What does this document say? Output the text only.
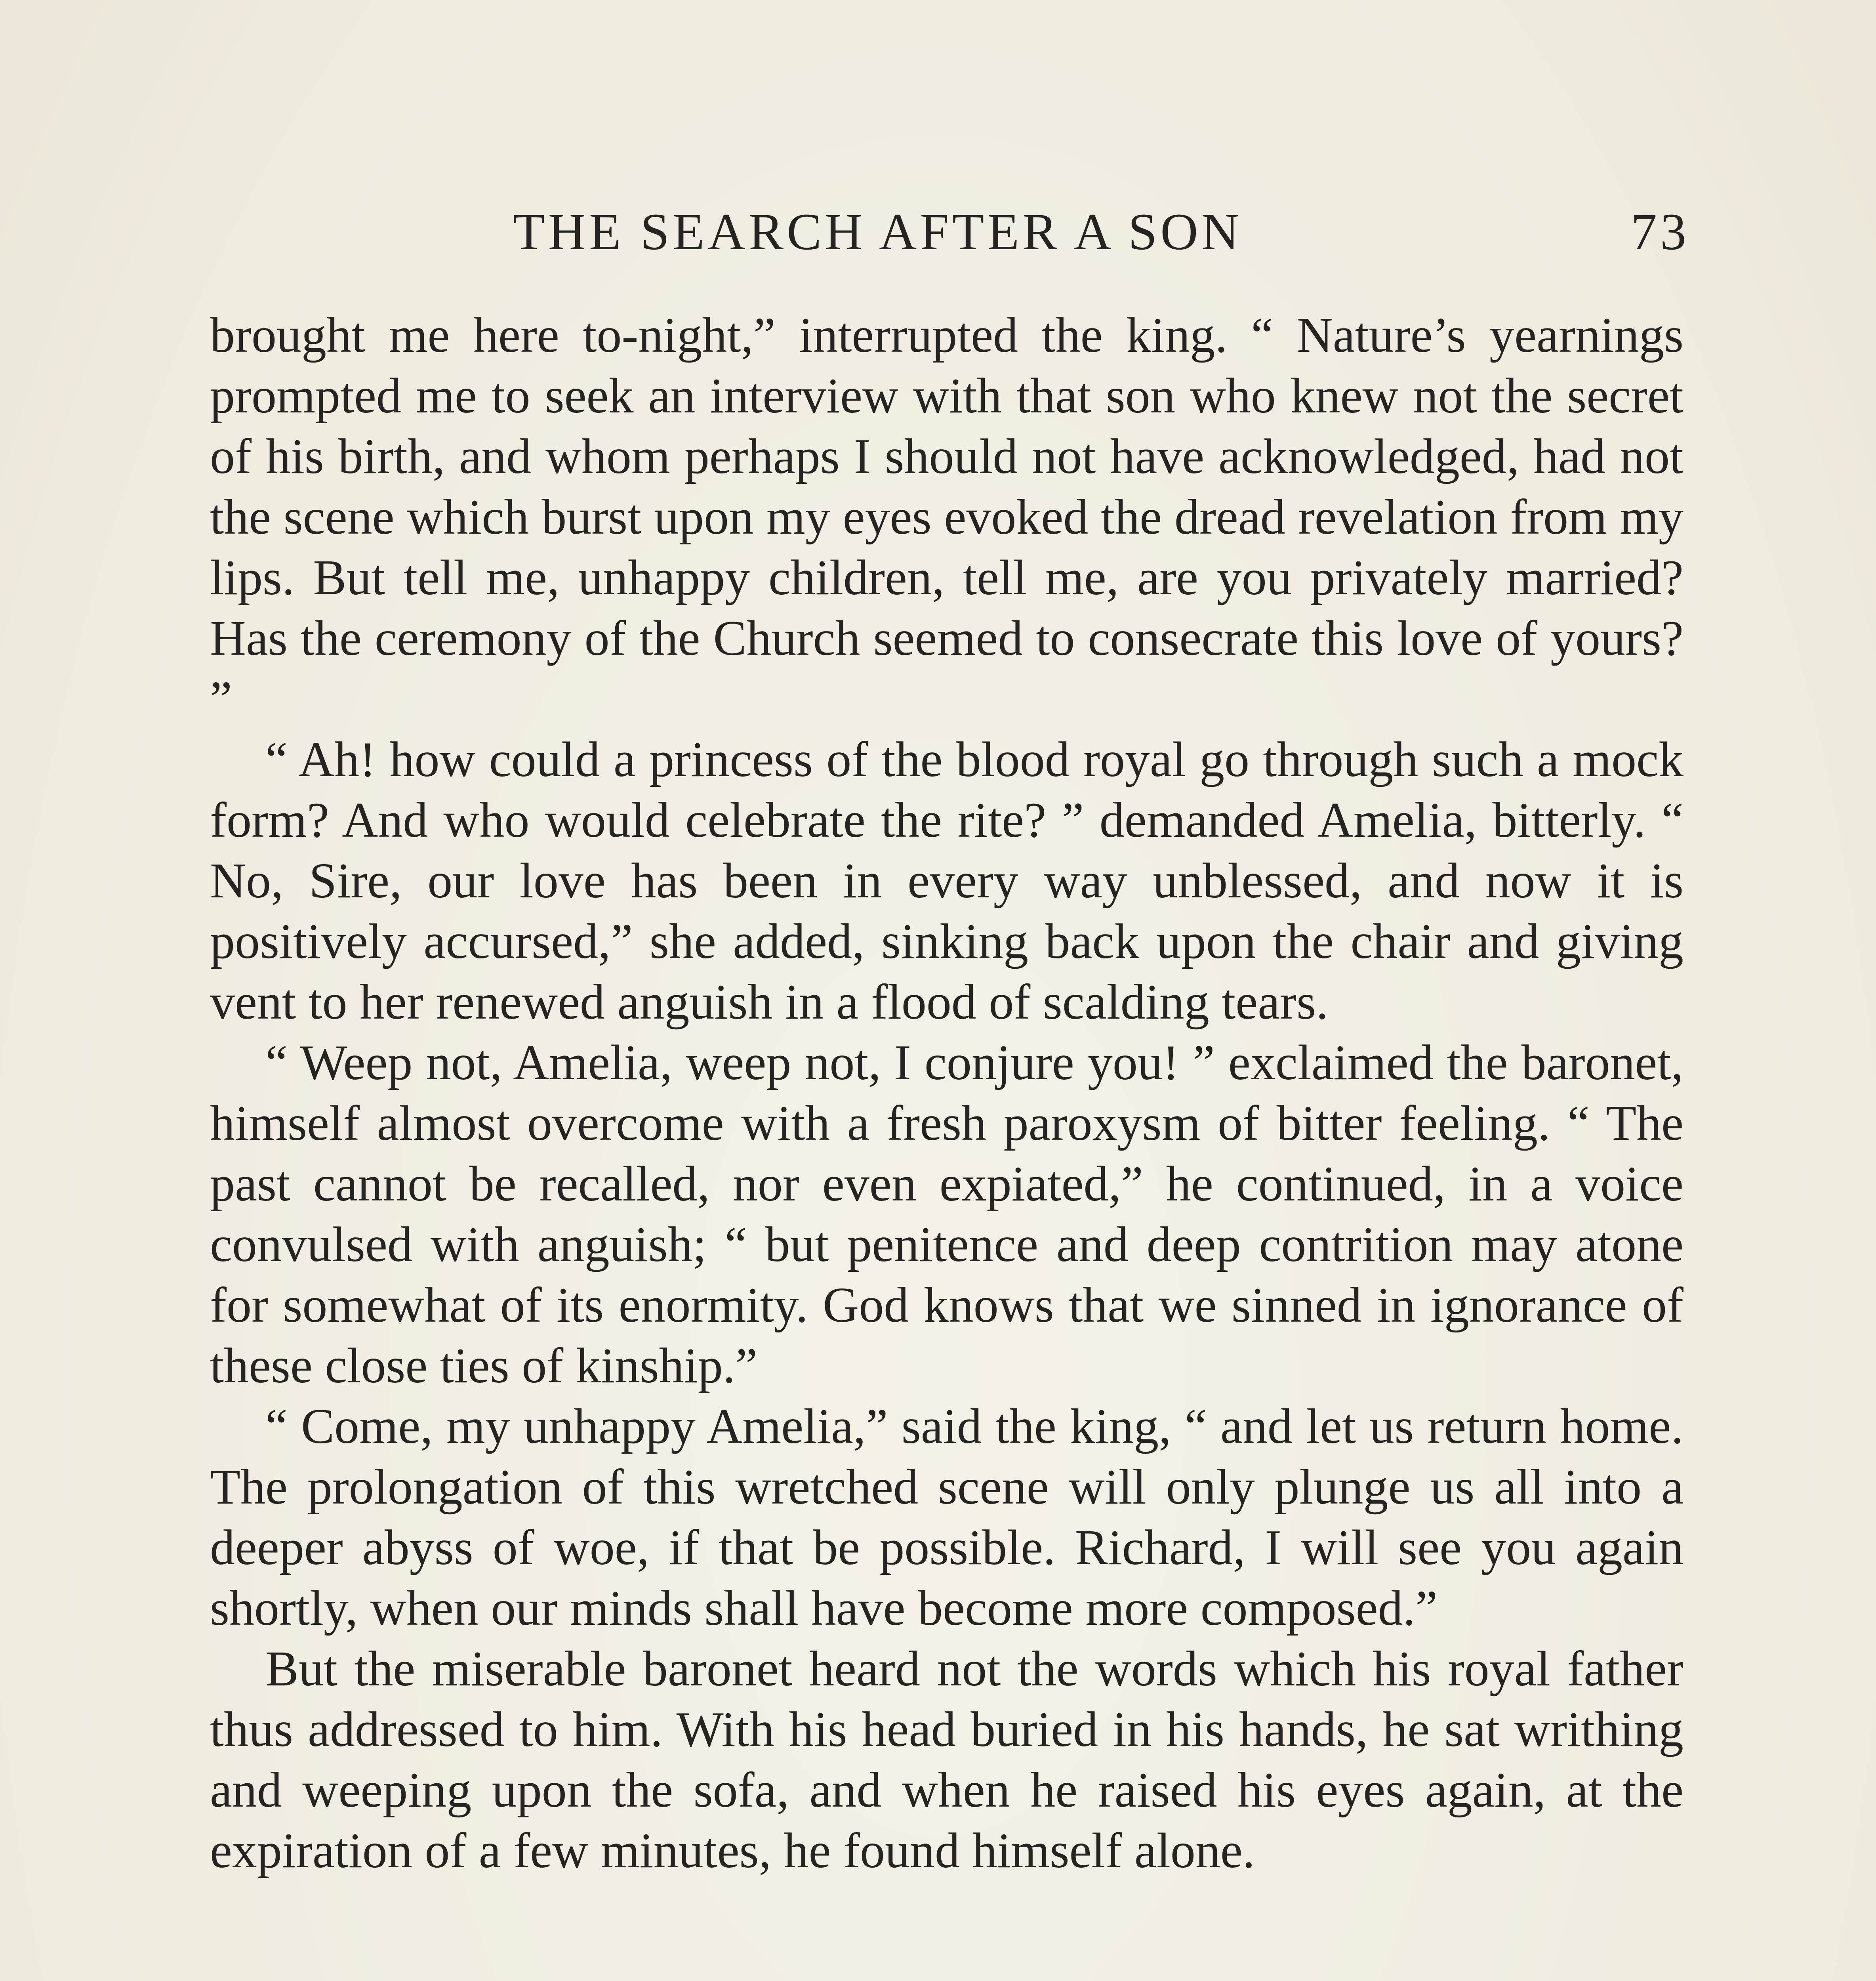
THE SEARCH AFTER A SON	73

brought me here to-night,” interrupted the king. “ Nature’s yearnings prompted me to seek an interview with that son who knew not the secret of his birth, and whom perhaps I should not have acknowledged, had not the scene which burst upon my eyes evoked the dread revelation from my lips. But tell me, unhappy children, tell me, are you privately married? Has the ceremony of the Church seemed to consecrate this love of yours? ”

“ Ah! how could a princess of the blood royal go through such a mock form? And who would celebrate the rite? ” demanded Amelia, bitterly. “ No, Sire, our love has been in every way unblessed, and now it is positively accursed,” she added, sinking back upon the chair and giving vent to her renewed anguish in a flood of scalding tears.

“ Weep not, Amelia, weep not, I conjure you! ” exclaimed the baronet, himself almost overcome with a fresh paroxysm of bitter feeling. “ The past cannot be recalled, nor even expiated,” he continued, in a voice convulsed with anguish; “ but penitence and deep contrition may atone for somewhat of its enormity. God knows that we sinned in ignorance of these close ties of kinship.”

“ Come, my unhappy Amelia,” said the king, “ and let us return home. The prolongation of this wretched scene will only plunge us all into a deeper abyss of woe, if that be possible. Richard, I will see you again shortly, when our minds shall have become more composed.”

But the miserable baronet heard not the words which his royal father thus addressed to him. With his head buried in his hands, he sat writhing and weeping upon the sofa, and when he raised his eyes again, at the expiration of a few minutes, he found himself alone.
